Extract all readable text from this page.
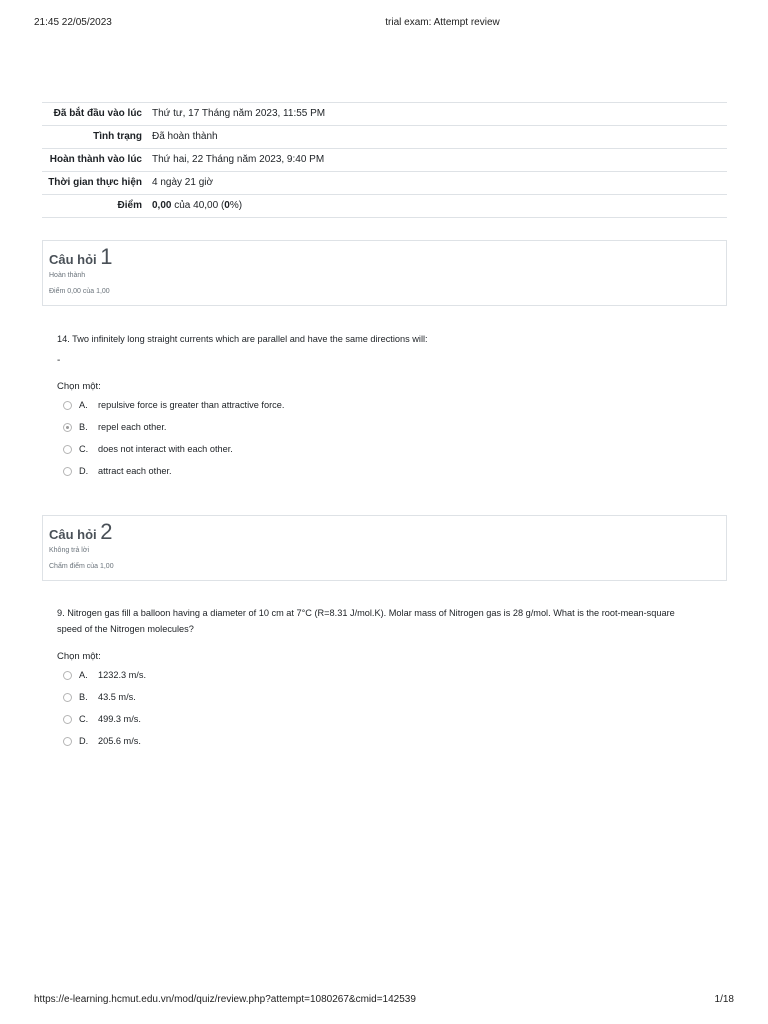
21:45 22/05/2023	trial exam: Attempt review
Đã bắt đầu vào lúc	Thứ tư, 17 Tháng năm 2023, 11:55 PM
Tình trạng	Đã hoàn thành
Hoàn thành vào lúc	Thứ hai, 22 Tháng năm 2023, 9:40 PM
Thời gian thực hiện	4 ngày 21 giờ
Điểm	0,00 của 40,00 (0%)
Câu hỏi 1
Hoàn thành
Điểm 0,00 của 1,00
14. Two infinitely long straight currents which are parallel and have the same directions will:
-
Chọn một:
A.	repulsive force is greater than attractive force.
B.	repel each other.
C.	does not interact with each other.
D.	attract each other.
Câu hỏi 2
Không trả lời
Chấm điểm của 1,00
9. Nitrogen gas fill a balloon having a diameter of 10 cm at 7°C (R=8.31 J/mol.K). Molar mass of Nitrogen gas is 28 g/mol. What is the root-mean-square speed of the Nitrogen molecules?
Chọn một:
A.	1232.3 m/s.
B.	43.5 m/s.
C.	499.3 m/s.
D.	205.6 m/s.
https://e-learning.hcmut.edu.vn/mod/quiz/review.php?attempt=1080267&cmid=142539	1/18
